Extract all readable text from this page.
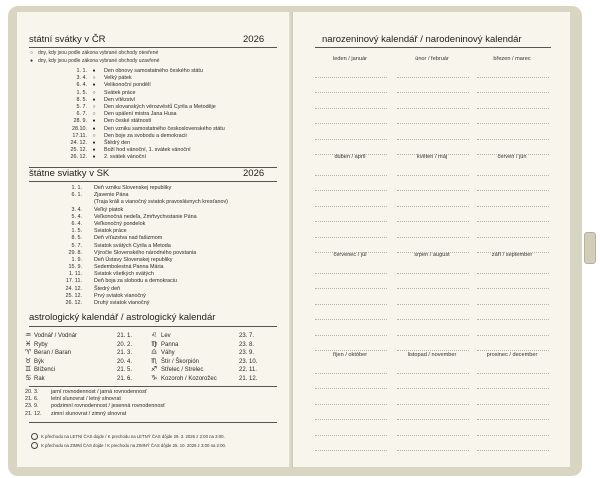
státní svátky v ČR	2026
○ dny, kdy jsou podle zákona vybrané obchody otevřené
● dny, kdy jsou podle zákona vybrané obchody uzavřené
1. 1. ● Den obnovy samostatného českého státu
3. 4. ○ Velký pátek
6. 4. ● Velikonoční pondělí
1. 5. ○ Svátek práce
8. 5. ● Den vítězství
5. 7. ○ Den slovanských věrozvěstů Cyrila a Metoděje
6. 7. ○ Den upálení mistra Jana Husa
28. 9. ● Den české státnosti
28.10. ● Den vzniku samostatného československého státu
17.11. ○ Den boje za svobodu a demokracii
24. 12. ● Štědrý den
25. 12. ● Boží hod vánoční, 1. svátek vánoční
26. 12. ● 2. svátek vánoční
štátne sviatky v SK	2026
1. 1. Deň vzniku Slovenskej republiky
6. 1. Zjavenie Pána
(Traja králi a vianočný sviatok pravoslávnych kresťanov)
3. 4. Veľký piatok
5. 4. Veľkonočná nedeľa, Zmŕtvychvstanie Pána
6. 4. Veľkonočný pondelok
1. 5. Sviatok práce
8. 5. Deň víťazstva nad fašizmom
5. 7. Sviatok svätých Cyrila a Metoda
29. 8. Výročie Slovenského národného povstania
1. 9. Deň Ústavy Slovenskej republiky
15. 9. Sedembolestná Panna Mária
1. 11. Sviatok všetkých svätých
17. 11. Deň boja za slobodu a demokraciu
24. 12. Štedrý deň
25. 12. Prvý sviatok vianočný
26. 12. Druhý sviatok vianočný
astrologický kalendář / astrologický kalendár
♒ Vodnář / Vodnár	21. 1.	♌ Lev	23. 7.
♓ Ryby	20. 2.	♍ Panna	23. 8.
♈ Beran / Baran	21. 3.	♎ Váhy	23. 9.
♉ Býk	20. 4.	♏ Štír / Škorpión	23. 10.
♊ Blíženci	21. 5.	♐ Střelec / Strelec	22. 11.
♋ Rak	21. 6.	♑ Kozoroh / Kozorožec	21. 12.
20. 3. jarní rovnodennost / jarná rovnodennosť
21. 6. letní slunovrat / letný slnovrat
23. 9. podzimní rovnodennost / jesenná rovnodennosť
21. 12. zimní slunovrat / zimný slnovrat
K přechodu na LETNÍ ČAS dojde / K prechodu na LETNÝ ČAS dôjde 29. 3. 2026 z 2:00 na 3:00.
K přechodu na ZIMNÍ ČAS dojde / K prechodu na ZIMNÝ ČAS dôjde 25. 10. 2026 z 3:00 na 2:00.
narozeninový kalendář / narodeninový kalendár
leden / január	únor / február	březen / marec
duben / apríl	květen / máj	červen / jún
červenec / júl	srpen / august	září / september
říjen / október	listopad / november	prosinec / december
